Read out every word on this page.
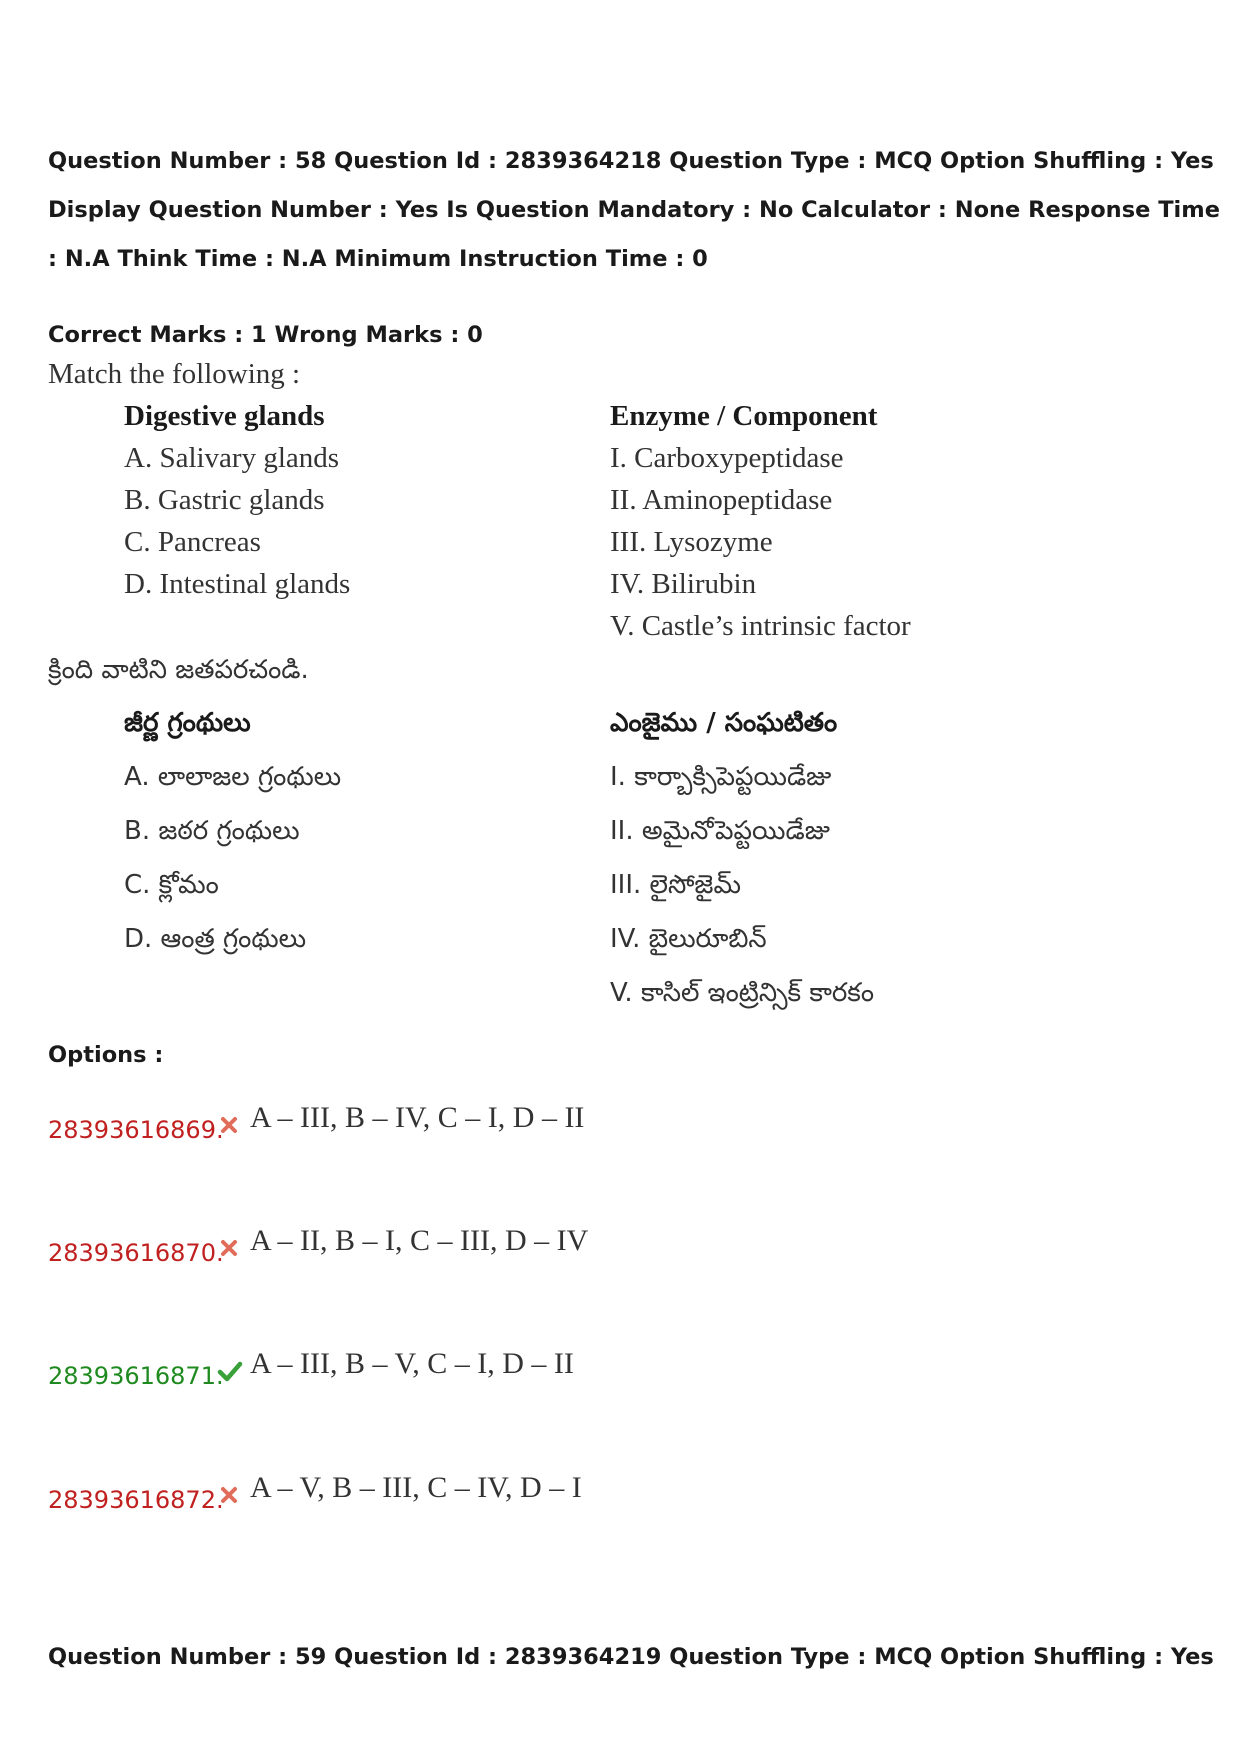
Question Number : 58 Question Id : 2839364218 Question Type : MCQ Option Shuffling : Yes
Display Question Number : Yes Is Question Mandatory : No Calculator : None Response Time
: N.A Think Time : N.A Minimum Instruction Time : 0
Correct Marks : 1 Wrong Marks : 0
Match the following :
Digestive glands	Enzyme / Component
A. Salivary glands
B. Gastric glands
C. Pancreas
D. Intestinal glands
I. Carboxypeptidase
II. Aminopeptidase
III. Lysozyme
IV. Bilirubin
V. Castle’s intrinsic factor
క్రింది వాటిని జతపరచండి.
జీర్ణ గ్రంథులు	ఎంజైము / సంఘటితం
A. లాలాజల గ్రంథులు
B. జఠర గ్రంథులు
C. క్లోమం
D. ఆంత్ర గ్రంథులు
I. కార్బాక్సిపెప్టయిడేజు
II. అమైనోపెప్టయిడేజు
III. లైసోజైమ్
IV. బైలురూబిన్
V. కాసిల్ ఇంట్రిన్సిక్ కారకం
Options :
28393616869. A – III, B – IV, C – I, D – II
28393616870. A – II, B – I, C – III, D – IV
28393616871. A – III, B – V, C – I, D – II
28393616872. A – V, B – III, C – IV, D – I
Question Number : 59 Question Id : 2839364219 Question Type : MCQ Option Shuffling : Yes
